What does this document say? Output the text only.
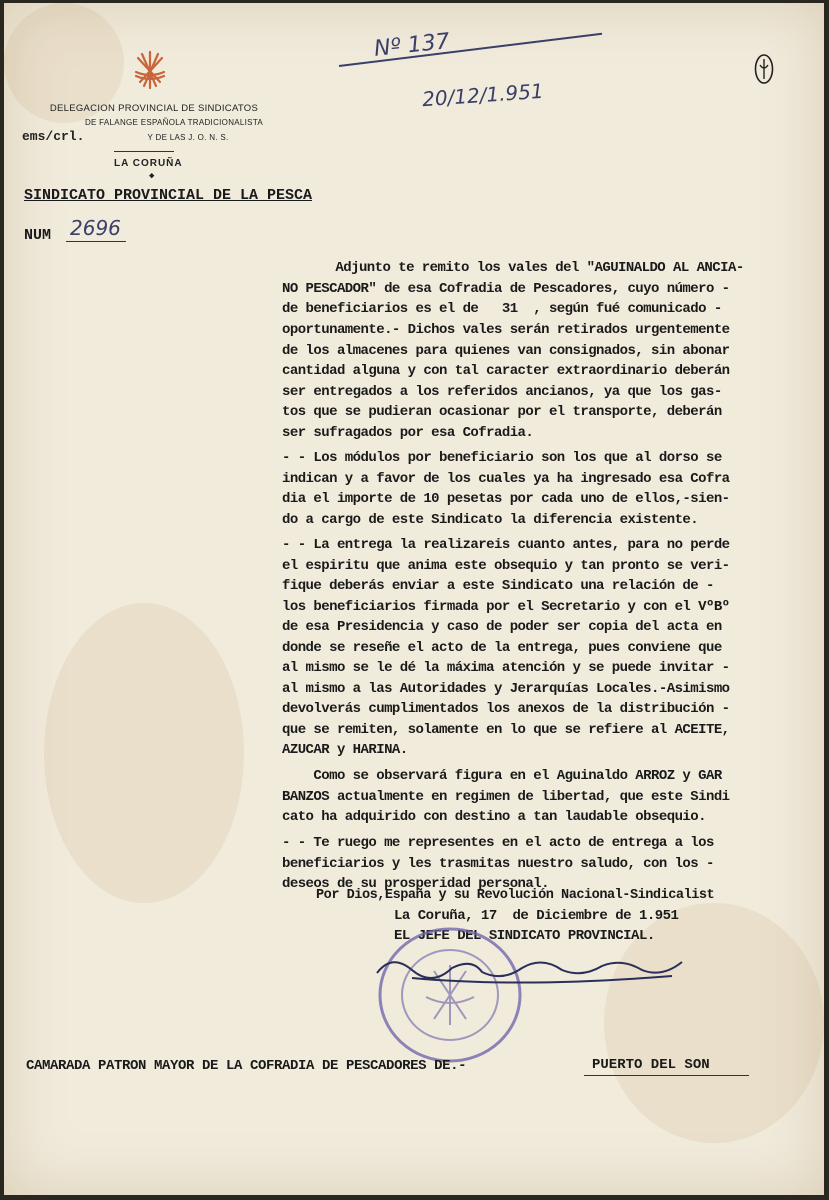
Nº 137
20/12/1.951
DELEGACION PROVINCIAL DE SINDICATOS
DE FALANGE ESPAÑOLA TRADICIONALISTA
ems/crl.	Y DE LAS J. O. N. S.
LA CORUÑA
◆
SINDICATO PROVINCIAL DE LA PESCA
NUM 2696
Adjunto te remito los vales del "AGUINALDO AL ANCIA-
NO PESCADOR" de esa Cofradia de Pescadores, cuyo número -
de beneficiarios es el de   31  , según fué comunicado -
oportunamente.- Dichos vales serán retirados urgentemente
de los almacenes para quienes van consignados, sin abonar
cantidad alguna y con tal caracter extraordinario deberán
ser entregados a los referidos ancianos, ya que los gas-
tos que se pudieran ocasionar por el transporte, deberán
ser sufragados por esa Cofradia.
- - Los módulos por beneficiario son los que al dorso se
indican y a favor de los cuales ya ha ingresado esa Cofra
dia el importe de 10 pesetas por cada uno de ellos,-sien-
do a cargo de este Sindicato la diferencia existente.
- - La entrega la realizareis cuanto antes, para no perde
el espiritu que anima este obsequio y tan pronto se veri-
fique deberás enviar a este Sindicato una relación de -
los beneficiarios firmada por el Secretario y con el VºBº
de esa Presidencia y caso de poder ser copia del acta en
donde se reseñe el acto de la entrega, pues conviene que
al mismo se le dé la máxima atención y se puede invitar -
al mismo a las Autoridades y Jerarquías Locales.-Asimismo
devolverás cumplimentados los anexos de la distribución -
que se remiten, solamente en lo que se refiere al ACEITE,
AZUCAR y HARINA.
Como se observará figura en el Aguinaldo ARROZ y GAR
BANZOS actualmente en regimen de libertad, que este Sindi
cato ha adquirido con destino a tan laudable obsequio.
- - Te ruego me representes en el acto de entrega a los
beneficiarios y les trasmitas nuestro saludo, con los -
deseos de su prosperidad personal.
Por Dios,España y su Revolución Nacional-Sindicalist
La Coruña, 17  de Diciembre de 1.951
EL JEFE DEL SINDICATO PROVINCIAL.
CAMARADA PATRON MAYOR DE LA COFRADIA DE PESCADORES DE.-	PUERTO DEL SON
